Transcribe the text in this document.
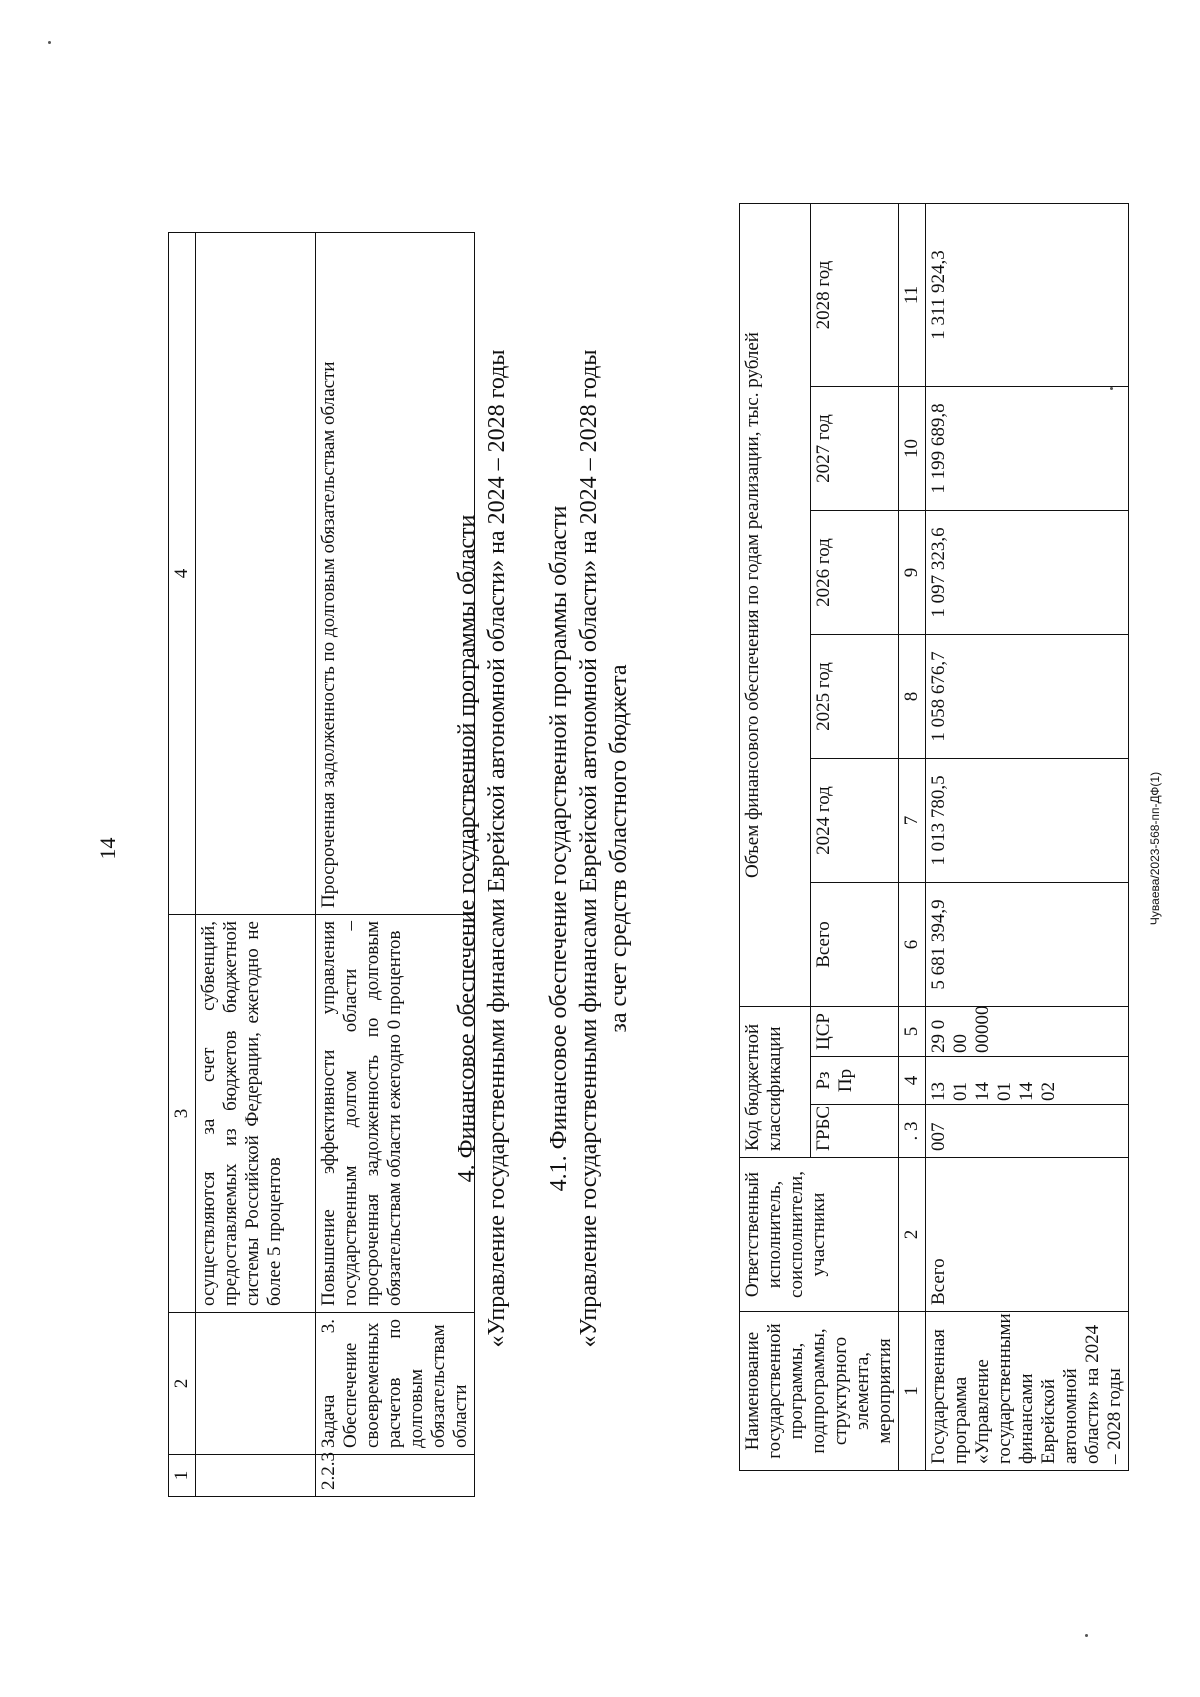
14
1	2	3	4
		осуществляются за счет субвенций, предоставляемых из бюджетов бюджетной системы Российской Федерации, ежегодно не более 5 процентов	
2.2.3	Задача 3. Обеспечение своевременных расчетов по долговым обязательствам области	Повышение эффективности управления государственным долгом области – просроченная задолженность по долговым обязательствам области ежегодно 0 процентов	Просроченная задолженность по долговым обязательствам области	4. Финансовое обеспечение государственной программы области «Управление государственными финансами Еврейской автономной области» на 2024 – 2028 годы 4.1. Финансовое обеспечение государственной программы области «Управление государственными финансами Еврейской автономной области» на 2024 – 2028 годы за счет средств областного бюджета
Наименование государственной программы, подпрограммы, структурного элемента, мероприятия	Ответственный исполнитель, соисполнители, участники	Код бюджетной классификации			Объем финансового обеспечения по годам реализации, тыс. рублей					
		ГРБС	Рз Пр	ЦСР	Всего	2024 год	2025 год	2026 год	2027 год	2028 год
1	2	. 3	4	5	6	7	8	9	10	11
Государственная программа «Управление государственными финансами Еврейской автономной области» на 2024 – 2028 годы	Всего	007	13 01 14 01 14 02	29 0 00 00000	5 681 394,9	1 013 780,5	1 058 676,7	1 097 323,6	1 199 689,8	1 311 924,3
Чуваева/2023-568-пп-ДФ(1)
